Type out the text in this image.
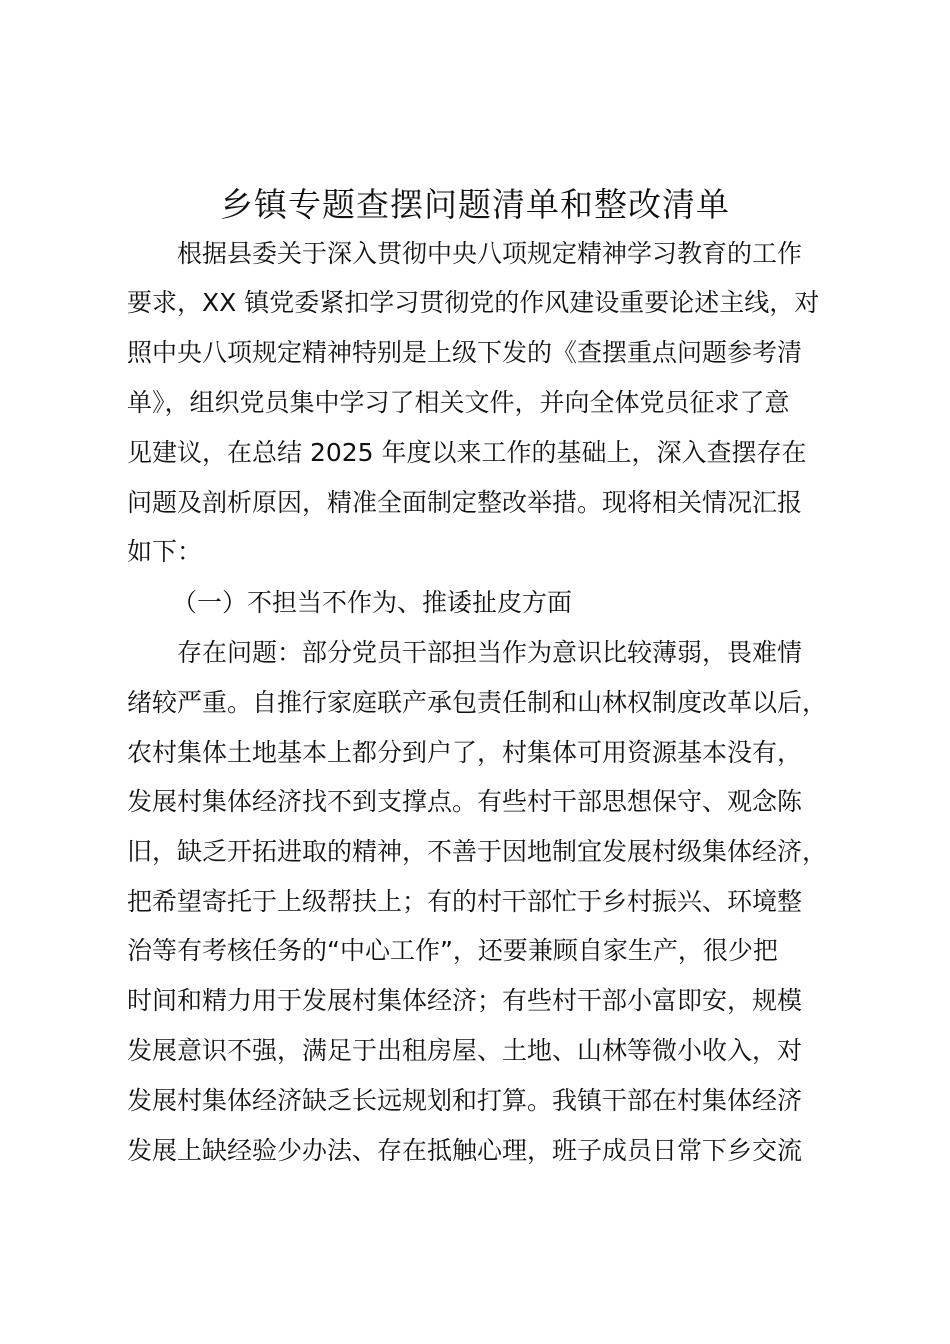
乡镇专题查摆问题清单和整改清单
根据县委关于深入贯彻中央八项规定精神学习教育的工作
要求，XX 镇党委紧扣学习贯彻党的作风建设重要论述主线，对
照中央八项规定精神特别是上级下发的《查摆重点问题参考清
单》，组织党员集中学习了相关文件，并向全体党员征求了意
见建议，在总结 2025 年度以来工作的基础上，深入查摆存在
问题及剖析原因，精准全面制定整改举措。现将相关情况汇报
如下：
（一）不担当不作为、推诿扯皮方面
存在问题：部分党员干部担当作为意识比较薄弱，畏难情
绪较严重。自推行家庭联产承包责任制和山林权制度改革以后，
农村集体土地基本上都分到户了，村集体可用资源基本没有，
发展村集体经济找不到支撑点。有些村干部思想保守、观念陈
旧，缺乏开拓进取的精神，不善于因地制宜发展村级集体经济，
把希望寄托于上级帮扶上；有的村干部忙于乡村振兴、环境整
治等有考核任务的“中心工作”，还要兼顾自家生产，很少把
时间和精力用于发展村集体经济；有些村干部小富即安，规模
发展意识不强，满足于出租房屋、土地、山林等微小收入，对
发展村集体经济缺乏长远规划和打算。我镇干部在村集体经济
发展上缺经验少办法、存在抵触心理，班子成员日常下乡交流
